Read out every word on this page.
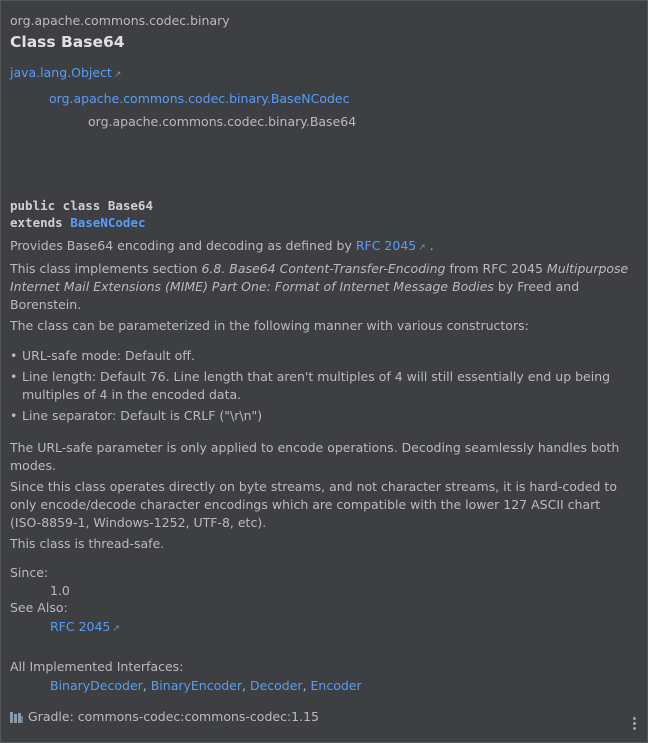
org.apache.commons.codec.binary
Class Base64
java.lang.Object ↗
org.apache.commons.codec.binary.BaseNCodec
org.apache.commons.codec.binary.Base64
public class Base64
extends BaseNCodec
Provides Base64 encoding and decoding as defined by RFC 2045 ↗ .
This class implements section 6.8. Base64 Content-Transfer-Encoding from RFC 2045 Multipurpose Internet Mail Extensions (MIME) Part One: Format of Internet Message Bodies by Freed and Borenstein.
The class can be parameterized in the following manner with various constructors:
• URL-safe mode: Default off.
• Line length: Default 76. Line length that aren't multiples of 4 will still essentially end up being multiples of 4 in the encoded data.
• Line separator: Default is CRLF ("\r\n")
The URL-safe parameter is only applied to encode operations. Decoding seamlessly handles both modes.
Since this class operates directly on byte streams, and not character streams, it is hard-coded to only encode/decode character encodings which are compatible with the lower 127 ASCII chart (ISO-8859-1, Windows-1252, UTF-8, etc).
This class is thread-safe.
Since:
1.0
See Also:
RFC 2045 ↗
All Implemented Interfaces:
BinaryDecoder, BinaryEncoder, Decoder, Encoder
Gradle: commons-codec:commons-codec:1.15
